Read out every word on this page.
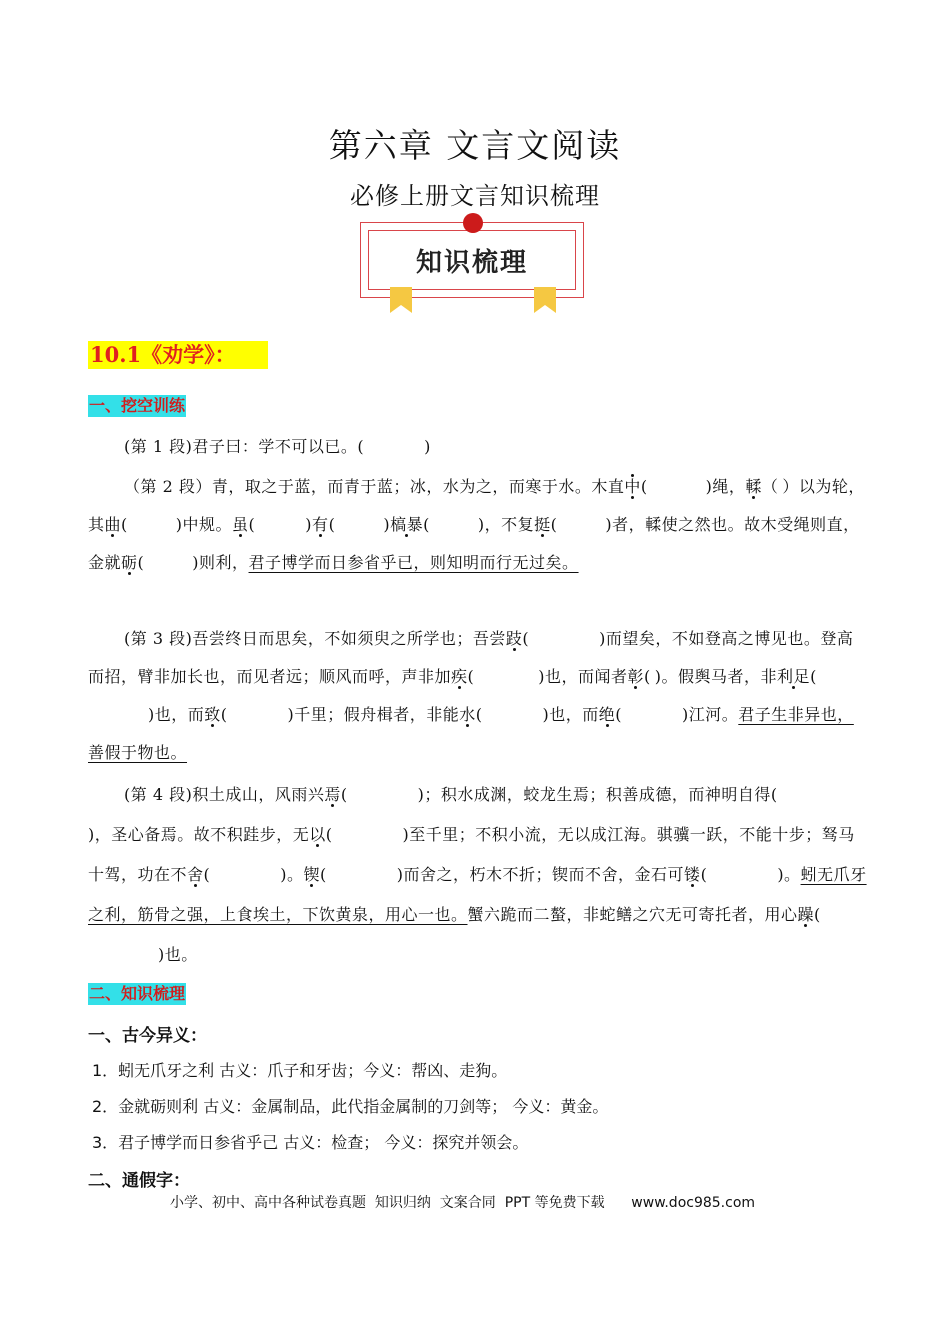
第六章 文言文阅读
必修上册文言知识梳理
知识梳理
10.1《劝学》：
一、挖空训练
(第 1 段)君子曰：学不可以已。(	)
（第 2 段）青，取之于蓝，而青于蓝；冰，水为之，而寒于水。木直中(	)绳，輮（ ）以为轮，其曲(	)中规。虽(	)有(	)槁暴(	)，不复挺(	)者，輮使之然也。故木受绳则直，金就砺(	)则利，君子博学而日参省乎已，则知明而行无过矣。
(第 3 段)吾尝终日而思矣，不如须臾之所学也；吾尝跂(	)而望矣，不如登高之博见也。登高而招，臂非加长也，而见者远；顺风而呼，声非加疾(	)也，而闻者彰( )。假舆马者，非利足()也，而致(	)千里；假舟楫者，非能水(	)也，而绝(	)江河。君子生非异也，善假于物也。
(第 4 段)积土成山，风雨兴焉(	)；积水成渊，蛟龙生焉；积善成德，而神明自得()，圣心备焉。故不积跬步，无以(	)至千里；不积小流，无以成江海。骐骥一跃，不能十步；驽马十驾，功在不舍(	)。锲(	)而舍之，朽木不折；锲而不舍，金石可镂(	)。蚓无爪牙之利，筋骨之强，上食埃土，下饮黄泉，用心一也。蟹六跪而二螯，非蛇鳝之穴无可寄托者，用心躁()也。
二、知识梳理
一、古今异义：
1．蚓无爪牙之利 古义：爪子和牙齿；今义：帮凶、走狗。
2．金就砺则利 古义：金属制品，此代指金属制的刀剑等； 今义：黄金。
3．君子博学而日参省乎己 古义：检查； 今义：探究并领会。
二、通假字：
小学、初中、高中各种试卷真题  知识归纳  文案合同  PPT 等免费下载      www.doc985.com
